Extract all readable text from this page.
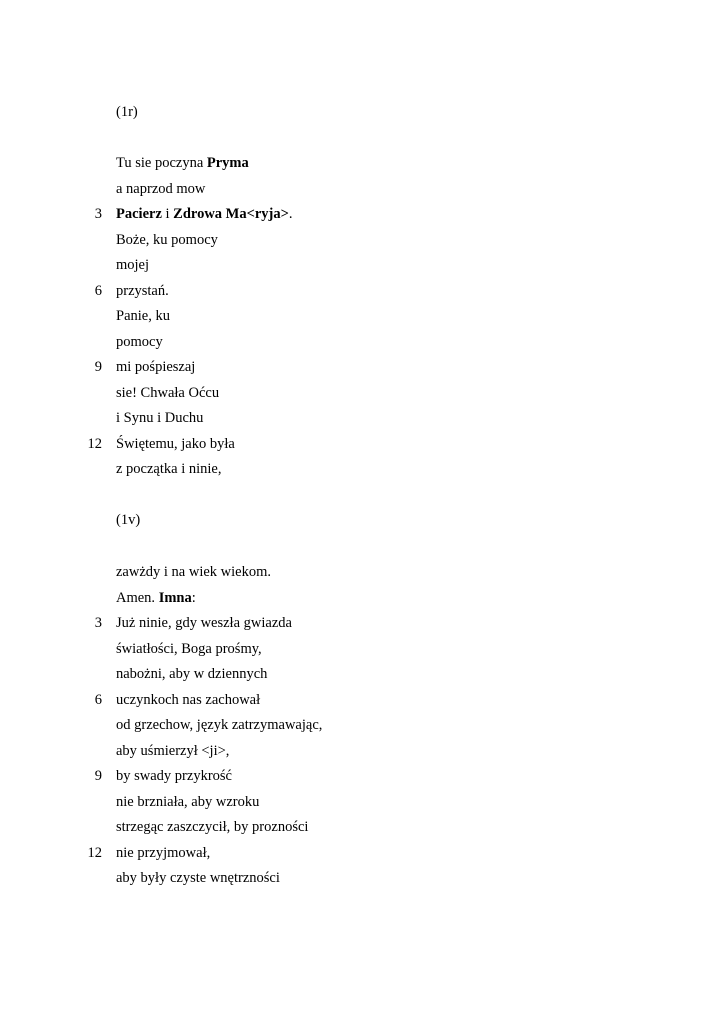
(1r)
Tu sie poczyna Pryma
a naprzod mow
3 Pacierz i Zdrowa Ma<ryja>.
Boże, ku pomocy
mojej
6 przystań.
Panie, ku
pomocy
9 mi pośpieszaj
sie! Chwała Oćcu
i Synu i Duchu
12 Świętemu, jako była
z początka i ninie,
(1v)
zawżdy i na wiek wiekom.
Amen. Imna:
3 Już ninie, gdy weszła gwiazda
światłości, Boga prośmy,
nabożni, aby w dziennych
6 uczynkoch nas zachował
od grzechow, język zatrzymawając,
aby uśmierzył <ji>,
9 by swady przykrość
nie brzniała, aby wzroku
strzegąc zaszczycił, by prozności
12 nie przyjmował,
aby były czyste wnętrzności
